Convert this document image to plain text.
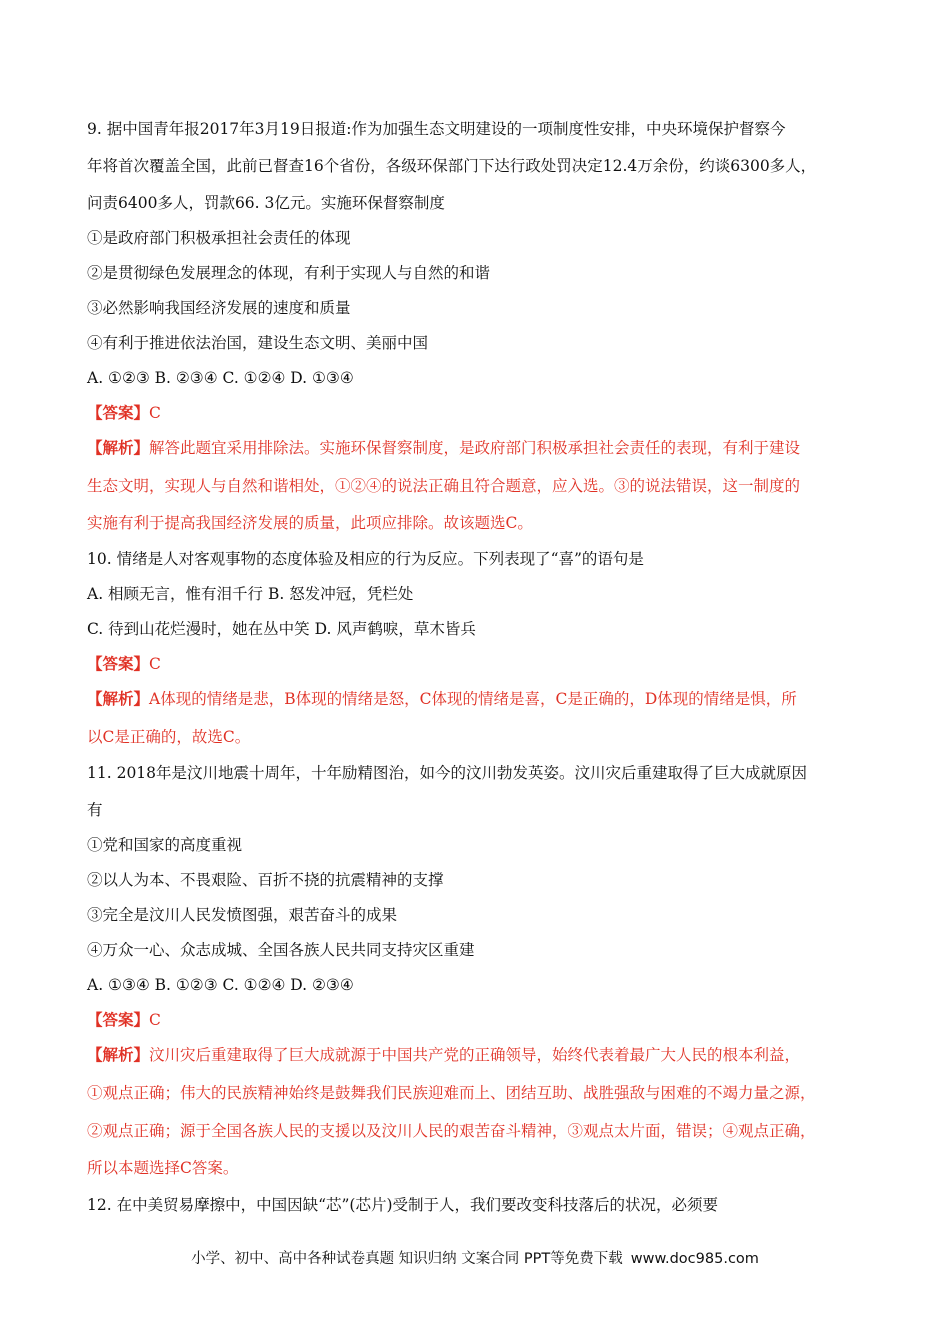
9. 据中国青年报2017年3月19日报道:作为加强生态文明建设的一项制度性安排，中央环境保护督察今
年将首次覆盖全国，此前已督查16个省份，各级环保部门下达行政处罚决定12.4万余份，约谈6300多人，
问责6400多人，罚款66. 3亿元。实施环保督察制度
①是政府部门积极承担社会责任的体现
②是贯彻绿色发展理念的体现，有利于实现人与自然的和谐
③必然影响我国经济发展的速度和质量
④有利于推进依法治国，建设生态文明、美丽中国
A. ①②③ B. ②③④ C. ①②④ D. ①③④
【答案】C
【解析】解答此题宜采用排除法。实施环保督察制度，是政府部门积极承担社会责任的表现，有利于建设
生态文明，实现人与自然和谐相处，①②④的说法正确且符合题意，应入选。③的说法错误，这一制度的
实施有利于提高我国经济发展的质量，此项应排除。故该题选C。
10. 情绪是人对客观事物的态度体验及相应的行为反应。下列表现了“喜”的语句是
A. 相顾无言，惟有泪千行 B. 怒发冲冠，凭栏处
C. 待到山花烂漫时，她在丛中笑 D. 风声鹤唳，草木皆兵
【答案】C
【解析】A体现的情绪是悲，B体现的情绪是怒，C体现的情绪是喜，C是正确的，D体现的情绪是惧，所
以C是正确的，故选C。
11. 2018年是汶川地震十周年，十年励精图治，如今的汶川勃发英姿。汶川灾后重建取得了巨大成就原因
有
①党和国家的高度重视
②以人为本、不畏艰险、百折不挠的抗震精神的支撑
③完全是汶川人民发愤图强，艰苦奋斗的成果
④万众一心、众志成城、全国各族人民共同支持灾区重建
A. ①③④ B. ①②③ C. ①②④ D. ②③④
【答案】C
【解析】汶川灾后重建取得了巨大成就源于中国共产党的正确领导，始终代表着最广大人民的根本利益，
①观点正确；伟大的民族精神始终是鼓舞我们民族迎难而上、团结互助、战胜强敌与困难的不竭力量之源，
②观点正确；源于全国各族人民的支援以及汶川人民的艰苦奋斗精神，③观点太片面，错误；④观点正确，
所以本题选择C答案。
12. 在中美贸易摩擦中，中国因缺“芯”(芯片)受制于人，我们要改变科技落后的状况，必须要
小学、初中、高中各种试卷真题 知识归纳 文案合同 PPT等免费下载 www.doc985.com
